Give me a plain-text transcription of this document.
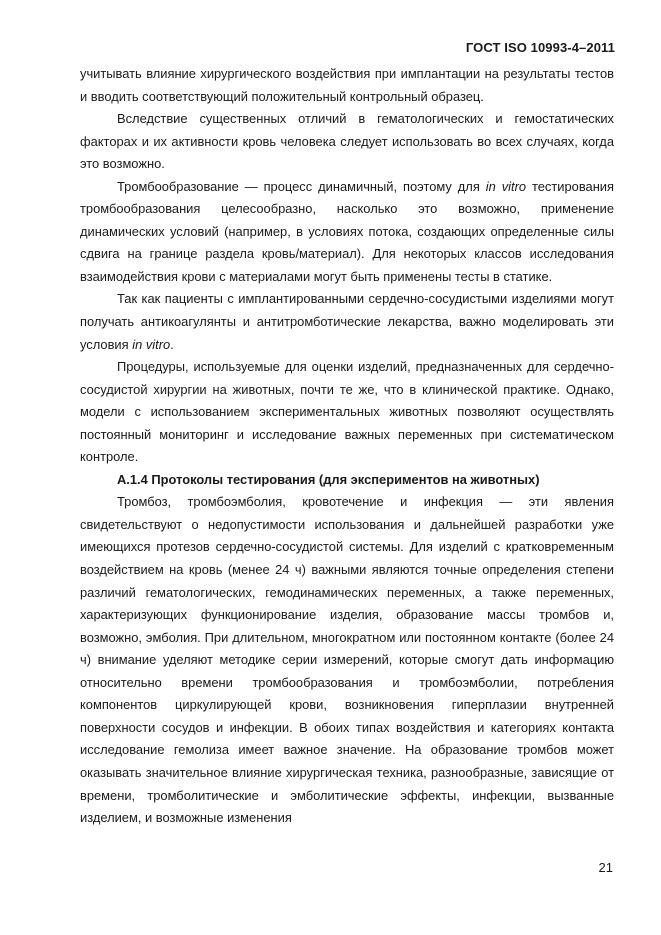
ГОСТ ISO 10993-4–2011

учитывать влияние хирургического воздействия при имплантации на результаты тестов и вводить соответствующий положительный контрольный образец.

Вследствие существенных отличий в гематологических и гемостатических факторах и их активности кровь человека следует использовать во всех случаях, когда это возможно.

Тромбообразование — процесс динамичный, поэтому для in vitro тестирования тромбообразования целесообразно, насколько это возможно, применение динамических условий (например, в условиях потока, создающих определенные силы сдвига на границе раздела кровь/материал). Для некоторых классов исследования взаимодействия крови с материалами могут быть применены тесты в статике.

Так как пациенты с имплантированными сердечно-сосудистыми изделиями могут получать антикоагулянты и антитромботические лекарства, важно моделировать эти условия in vitro.

Процедуры, используемые для оценки изделий, предназначенных для сердечно-сосудистой хирургии на животных, почти те же, что в клинической практике. Однако, модели с использованием экспериментальных животных позволяют осуществлять постоянный мониторинг и исследование важных переменных при систематическом контроле.

А.1.4 Протоколы тестирования (для экспериментов на животных)

Тромбоз, тромбоэмболия, кровотечение и инфекция — эти явления свидетельствуют о недопустимости использования и дальнейшей разработки уже имеющихся протезов сердечно-сосудистой системы. Для изделий с кратковременным воздействием на кровь (менее 24 ч) важными являются точные определения степени различий гематологических, гемодинамических переменных, а также переменных, характеризующих функционирование изделия, образование массы тромбов и, возможно, эмболия. При длительном, многократном или постоянном контакте (более 24 ч) внимание уделяют методике серии измерений, которые смогут дать информацию относительно времени тромбообразования и тромбоэмболии, потребления компонентов циркулирующей крови, возникновения гиперплазии внутренней поверхности сосудов и инфекции. В обоих типах воздействия и категориях контакта исследование гемолиза имеет важное значение. На образование тромбов может оказывать значительное влияние хирургическая техника, разнообразные, зависящие от времени, тромболитические и эмболитические эффекты, инфекции, вызванные изделием, и возможные изменения

21
